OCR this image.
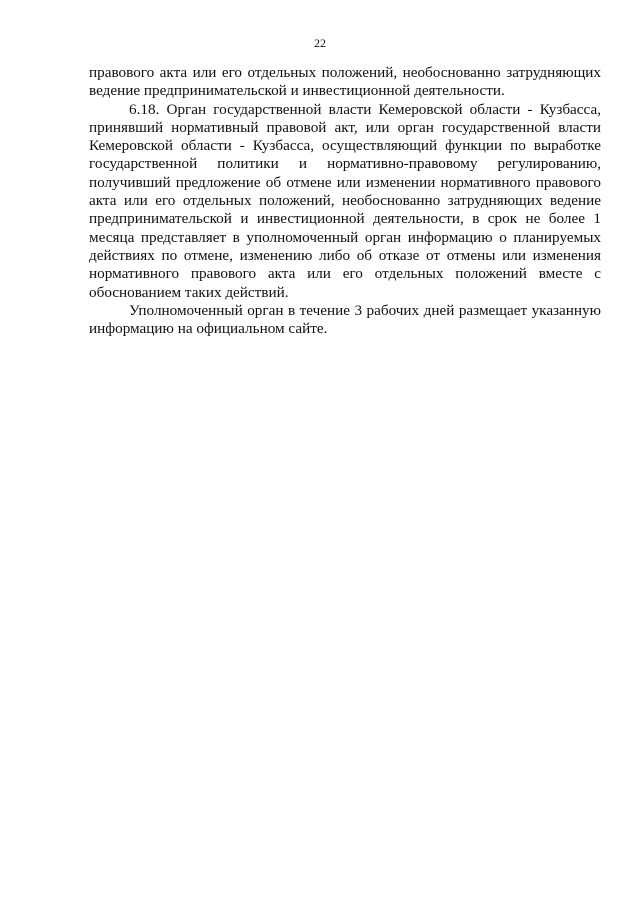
22

правового акта или его отдельных положений, необоснованно затрудняющих ведение предпринимательской и инвестиционной деятельности.

6.18. Орган государственной власти Кемеровской области - Кузбасса, принявший нормативный правовой акт, или орган государственной власти Кемеровской области - Кузбасса, осуществляющий функции по выработке государственной политики и нормативно-правовому регулированию, получивший предложение об отмене или изменении нормативного правового акта или его отдельных положений, необоснованно затрудняющих ведение предпринимательской и инвестиционной деятельности, в срок не более 1 месяца представляет в уполномоченный орган информацию о планируемых действиях по отмене, изменению либо об отказе от отмены или изменения нормативного правового акта или его отдельных положений вместе с обоснованием таких действий.

Уполномоченный орган в течение 3 рабочих дней размещает указанную информацию на официальном сайте.
